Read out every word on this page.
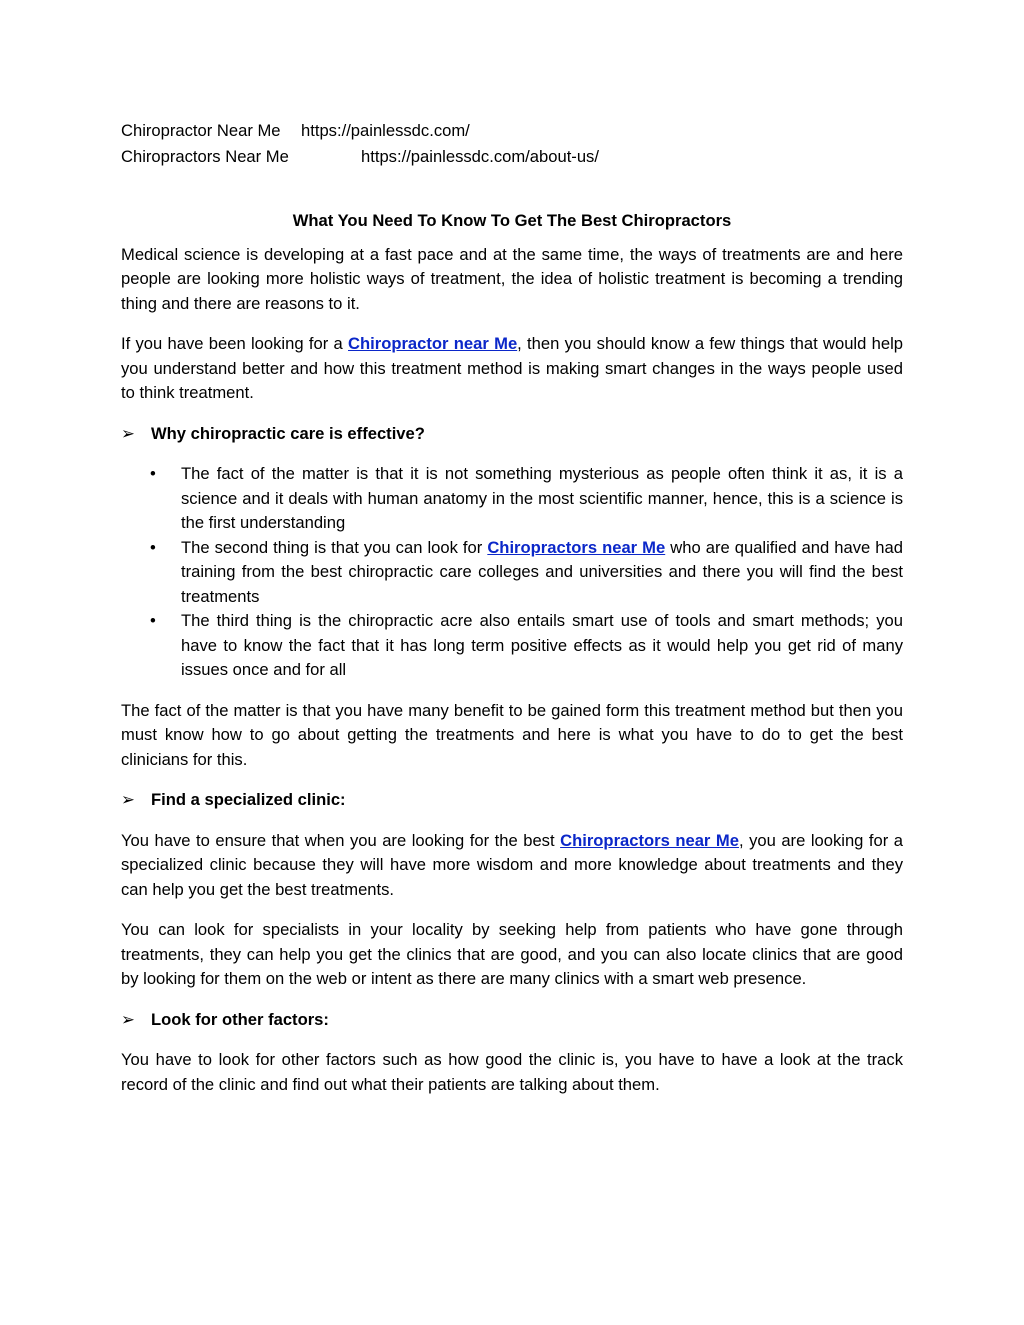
Chiropractor Near Me	https://painlessdc.com/
Chiropractors Near Me	https://painlessdc.com/about-us/
What You Need To Know To Get The Best Chiropractors

Medical science is developing at a fast pace and at the same time, the ways of treatments are and here people are looking more holistic ways of treatment, the idea of holistic treatment is becoming a trending thing and there are reasons to it.

If you have been looking for a Chiropractor near Me, then you should know a few things that would help you understand better and how this treatment method is making smart changes in the ways people used to think treatment.

➢ Why chiropractic care is effective?
• The fact of the matter is that it is not something mysterious as people often think it as, it is a science and it deals with human anatomy in the most scientific manner, hence, this is a science is the first understanding
• The second thing is that you can look for Chiropractors near Me who are qualified and have had training from the best chiropractic care colleges and universities and there you will find the best treatments
• The third thing is the chiropractic acre also entails smart use of tools and smart methods; you have to know the fact that it has long term positive effects as it would help you get rid of many issues once and for all

The fact of the matter is that you have many benefit to be gained form this treatment method but then you must know how to go about getting the treatments and here is what you have to do to get the best clinicians for this.

➢ Find a specialized clinic:

You have to ensure that when you are looking for the best Chiropractors near Me, you are looking for a specialized clinic because they will have more wisdom and more knowledge about treatments and they can help you get the best treatments.

You can look for specialists in your locality by seeking help from patients who have gone through treatments, they can help you get the clinics that are good, and you can also locate clinics that are good by looking for them on the web or intent as there are many clinics with a smart web presence.

➢ Look for other factors:

You have to look for other factors such as how good the clinic is, you have to have a look at the track record of the clinic and find out what their patients are talking about them.
